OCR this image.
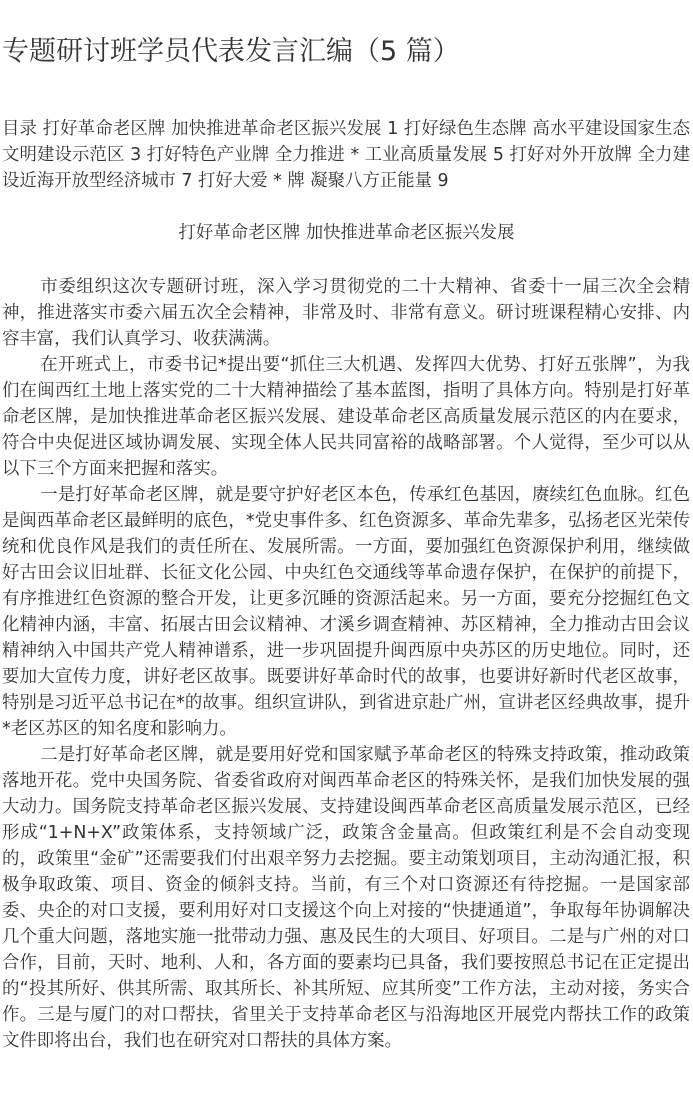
专题研讨班学员代表发言汇编（5 篇）

目录 打好革命老区牌 加快推进革命老区振兴发展 1 打好绿色生态牌 高水平建设国家生态文明建设示范区 3 打好特色产业牌 全力推进 * 工业高质量发展 5 打好对外开放牌 全力建设近海开放型经济城市 7 打好大爱 * 牌 凝聚八方正能量 9

打好革命老区牌 加快推进革命老区振兴发展

市委组织这次专题研讨班，深入学习贯彻党的二十大精神、省委十一届三次全会精神，推进落实市委六届五次全会精神，非常及时、非常有意义。研讨班课程精心安排、内容丰富，我们认真学习、收获满满。

在开班式上，市委书记*提出要“抓住三大机遇、发挥四大优势、打好五张牌”，为我们在闽西红土地上落实党的二十大精神描绘了基本蓝图，指明了具体方向。特别是打好革命老区牌，是加快推进革命老区振兴发展、建设革命老区高质量发展示范区的内在要求，符合中央促进区域协调发展、实现全体人民共同富裕的战略部署。个人觉得，至少可以从以下三个方面来把握和落实。

一是打好革命老区牌，就是要守护好老区本色，传承红色基因，赓续红色血脉。红色是闽西革命老区最鲜明的底色，*党史事件多、红色资源多、革命先辈多，弘扬老区光荣传统和优良作风是我们的责任所在、发展所需。一方面，要加强红色资源保护利用，继续做好古田会议旧址群、长征文化公园、中央红色交通线等革命遗存保护，在保护的前提下，有序推进红色资源的整合开发，让更多沉睡的资源活起来。另一方面，要充分挖掘红色文化精神内涵，丰富、拓展古田会议精神、才溪乡调查精神、苏区精神，全力推动古田会议精神纳入中国共产党人精神谱系，进一步巩固提升闽西原中央苏区的历史地位。同时，还要加大宣传力度，讲好老区故事。既要讲好革命时代的故事，也要讲好新时代老区故事，特别是习近平总书记在*的故事。组织宣讲队，到省进京赴广州，宣讲老区经典故事，提升*老区苏区的知名度和影响力。

二是打好革命老区牌，就是要用好党和国家赋予革命老区的特殊支持政策，推动政策落地开花。党中央国务院、省委省政府对闽西革命老区的特殊关怀，是我们加快发展的强大动力。国务院支持革命老区振兴发展、支持建设闽西革命老区高质量发展示范区，已经形成“1+N+X”政策体系，支持领域广泛，政策含金量高。但政策红利是不会自动变现的，政策里“金矿”还需要我们付出艰辛努力去挖掘。要主动策划项目，主动沟通汇报，积极争取政策、项目、资金的倾斜支持。当前，有三个对口资源还有待挖掘。一是国家部委、央企的对口支援，要利用好对口支援这个向上对接的“快捷通道”，争取每年协调解决几个重大问题，落地实施一批带动力强、惠及民生的大项目、好项目。二是与广州的对口合作，目前，天时、地利、人和，各方面的要素均已具备，我们要按照总书记在正定提出的“投其所好、供其所需、取其所长、补其所短、应其所变”工作方法，主动对接，务实合作。三是与厦门的对口帮扶，省里关于支持革命老区与沿海地区开展党内帮扶工作的政策文件即将出台，我们也在研究对口帮扶的具体方案。
